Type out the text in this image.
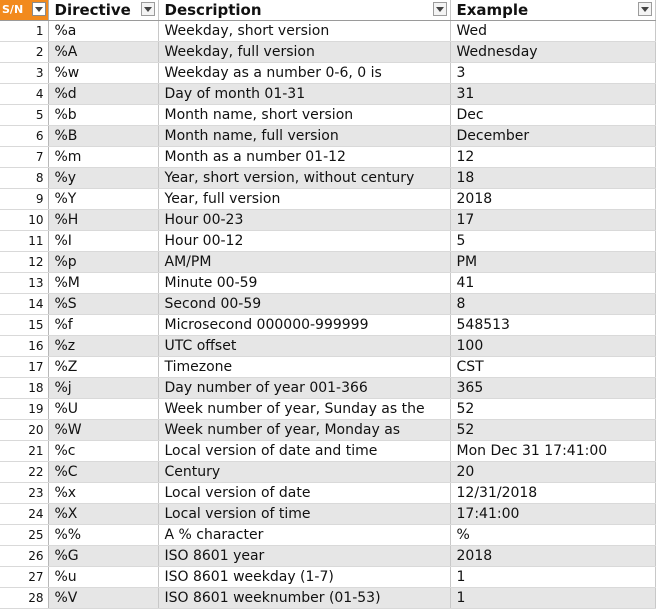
S/N	Directive	Description	Example

1	%a	Weekday, short version	Wed
2	%A	Weekday, full version	Wednesday
3	%w	Weekday as a number 0-6, 0 is	3
4	%d	Day of month 01-31	31
5	%b	Month name, short version	Dec
6	%B	Month name, full version	December
7	%m	Month as a number 01-12	12
8	%y	Year, short version, without century	18
9	%Y	Year, full version	2018
10	%H	Hour 00-23	17
11	%I	Hour 00-12	5
12	%p	AM/PM	PM
13	%M	Minute 00-59	41
14	%S	Second 00-59	8
15	%f	Microsecond 000000-999999	548513
16	%z	UTC offset	100
17	%Z	Timezone	CST
18	%j	Day number of year 001-366	365
19	%U	Week number of year, Sunday as the	52
20	%W	Week number of year, Monday as	52
21	%c	Local version of date and time	Mon Dec 31 17:41:00
22	%C	Century	20
23	%x	Local version of date	12/31/2018
24	%X	Local version of time	17:41:00
25	%%	A % character	%
26	%G	ISO 8601 year	2018
27	%u	ISO 8601 weekday (1-7)	1
28	%V	ISO 8601 weeknumber (01-53)	1
